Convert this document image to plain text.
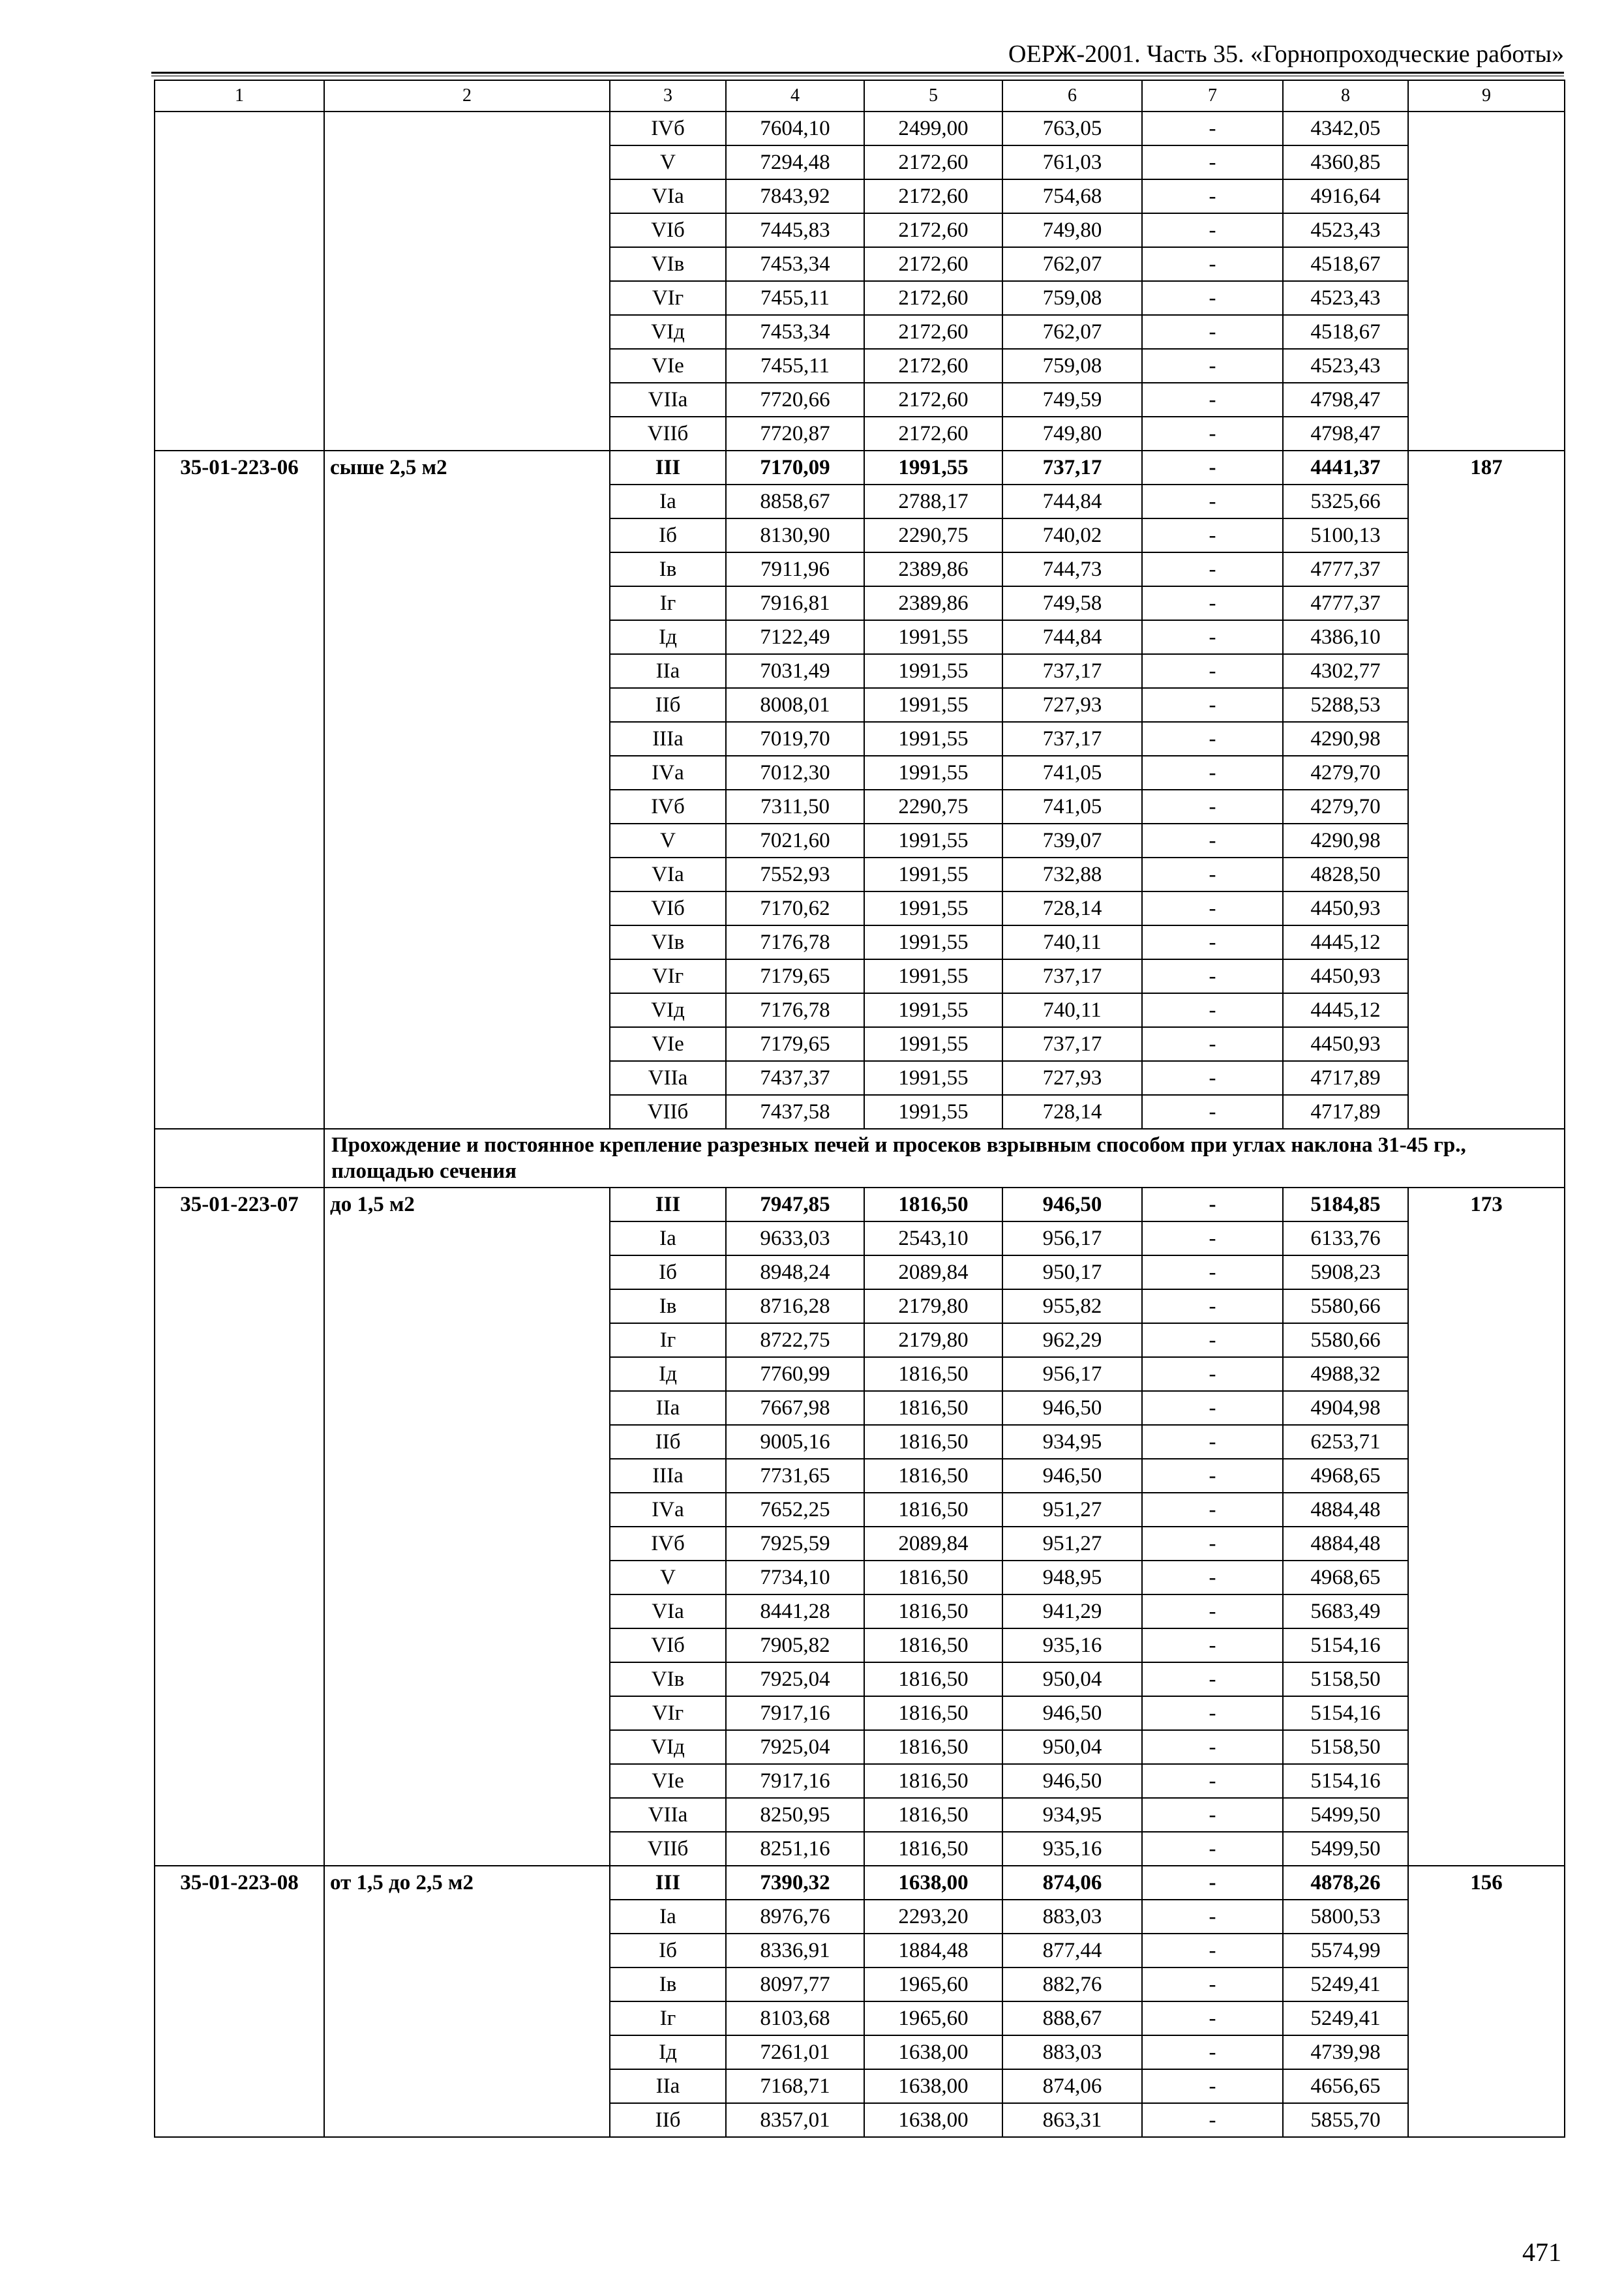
ОЕРЖ-2001. Часть 35. «Горнопроходческие работы»
1	2	3	4	5	6	7	8	9
		IVб	7604,10	2499,00	763,05	-	4342,05	
		V	7294,48	2172,60	761,03	-	4360,85	
		VIа	7843,92	2172,60	754,68	-	4916,64	
		VIб	7445,83	2172,60	749,80	-	4523,43	
		VIв	7453,34	2172,60	762,07	-	4518,67	
		VIг	7455,11	2172,60	759,08	-	4523,43	
		VIд	7453,34	2172,60	762,07	-	4518,67	
		VIе	7455,11	2172,60	759,08	-	4523,43	
		VIIа	7720,66	2172,60	749,59	-	4798,47	
		VIIб	7720,87	2172,60	749,80	-	4798,47	
35-01-223-06	сыше 2,5 м2	III	7170,09	1991,55	737,17	-	4441,37	187
		Iа	8858,67	2788,17	744,84	-	5325,66	
		Iб	8130,90	2290,75	740,02	-	5100,13	
		Iв	7911,96	2389,86	744,73	-	4777,37	
		Iг	7916,81	2389,86	749,58	-	4777,37	
		Iд	7122,49	1991,55	744,84	-	4386,10	
		IIа	7031,49	1991,55	737,17	-	4302,77	
		IIб	8008,01	1991,55	727,93	-	5288,53	
		IIIа	7019,70	1991,55	737,17	-	4290,98	
		IVа	7012,30	1991,55	741,05	-	4279,70	
		IVб	7311,50	2290,75	741,05	-	4279,70	
		V	7021,60	1991,55	739,07	-	4290,98	
		VIа	7552,93	1991,55	732,88	-	4828,50	
		VIб	7170,62	1991,55	728,14	-	4450,93	
		VIв	7176,78	1991,55	740,11	-	4445,12	
		VIг	7179,65	1991,55	737,17	-	4450,93	
		VIд	7176,78	1991,55	740,11	-	4445,12	
		VIе	7179,65	1991,55	737,17	-	4450,93	
		VIIа	7437,37	1991,55	727,93	-	4717,89	
		VIIб	7437,58	1991,55	728,14	-	4717,89	
	Прохождение и постоянное крепление разрезных печей и просеков взрывным способом при углах наклона 31-45 гр., площадью сечения							
35-01-223-07	до 1,5 м2	III	7947,85	1816,50	946,50	-	5184,85	173
		Iа	9633,03	2543,10	956,17	-	6133,76	
		Iб	8948,24	2089,84	950,17	-	5908,23	
		Iв	8716,28	2179,80	955,82	-	5580,66	
		Iг	8722,75	2179,80	962,29	-	5580,66	
		Iд	7760,99	1816,50	956,17	-	4988,32	
		IIа	7667,98	1816,50	946,50	-	4904,98	
		IIб	9005,16	1816,50	934,95	-	6253,71	
		IIIа	7731,65	1816,50	946,50	-	4968,65	
		IVа	7652,25	1816,50	951,27	-	4884,48	
		IVб	7925,59	2089,84	951,27	-	4884,48	
		V	7734,10	1816,50	948,95	-	4968,65	
		VIа	8441,28	1816,50	941,29	-	5683,49	
		VIб	7905,82	1816,50	935,16	-	5154,16	
		VIв	7925,04	1816,50	950,04	-	5158,50	
		VIг	7917,16	1816,50	946,50	-	5154,16	
		VIд	7925,04	1816,50	950,04	-	5158,50	
		VIе	7917,16	1816,50	946,50	-	5154,16	
		VIIа	8250,95	1816,50	934,95	-	5499,50	
		VIIб	8251,16	1816,50	935,16	-	5499,50	
35-01-223-08	от 1,5 до 2,5 м2	III	7390,32	1638,00	874,06	-	4878,26	156
		Iа	8976,76	2293,20	883,03	-	5800,53	
		Iб	8336,91	1884,48	877,44	-	5574,99	
		Iв	8097,77	1965,60	882,76	-	5249,41	
		Iг	8103,68	1965,60	888,67	-	5249,41	
		Iд	7261,01	1638,00	883,03	-	4739,98	
		IIа	7168,71	1638,00	874,06	-	4656,65	
		IIб	8357,01	1638,00	863,31	-	5855,70	
471
